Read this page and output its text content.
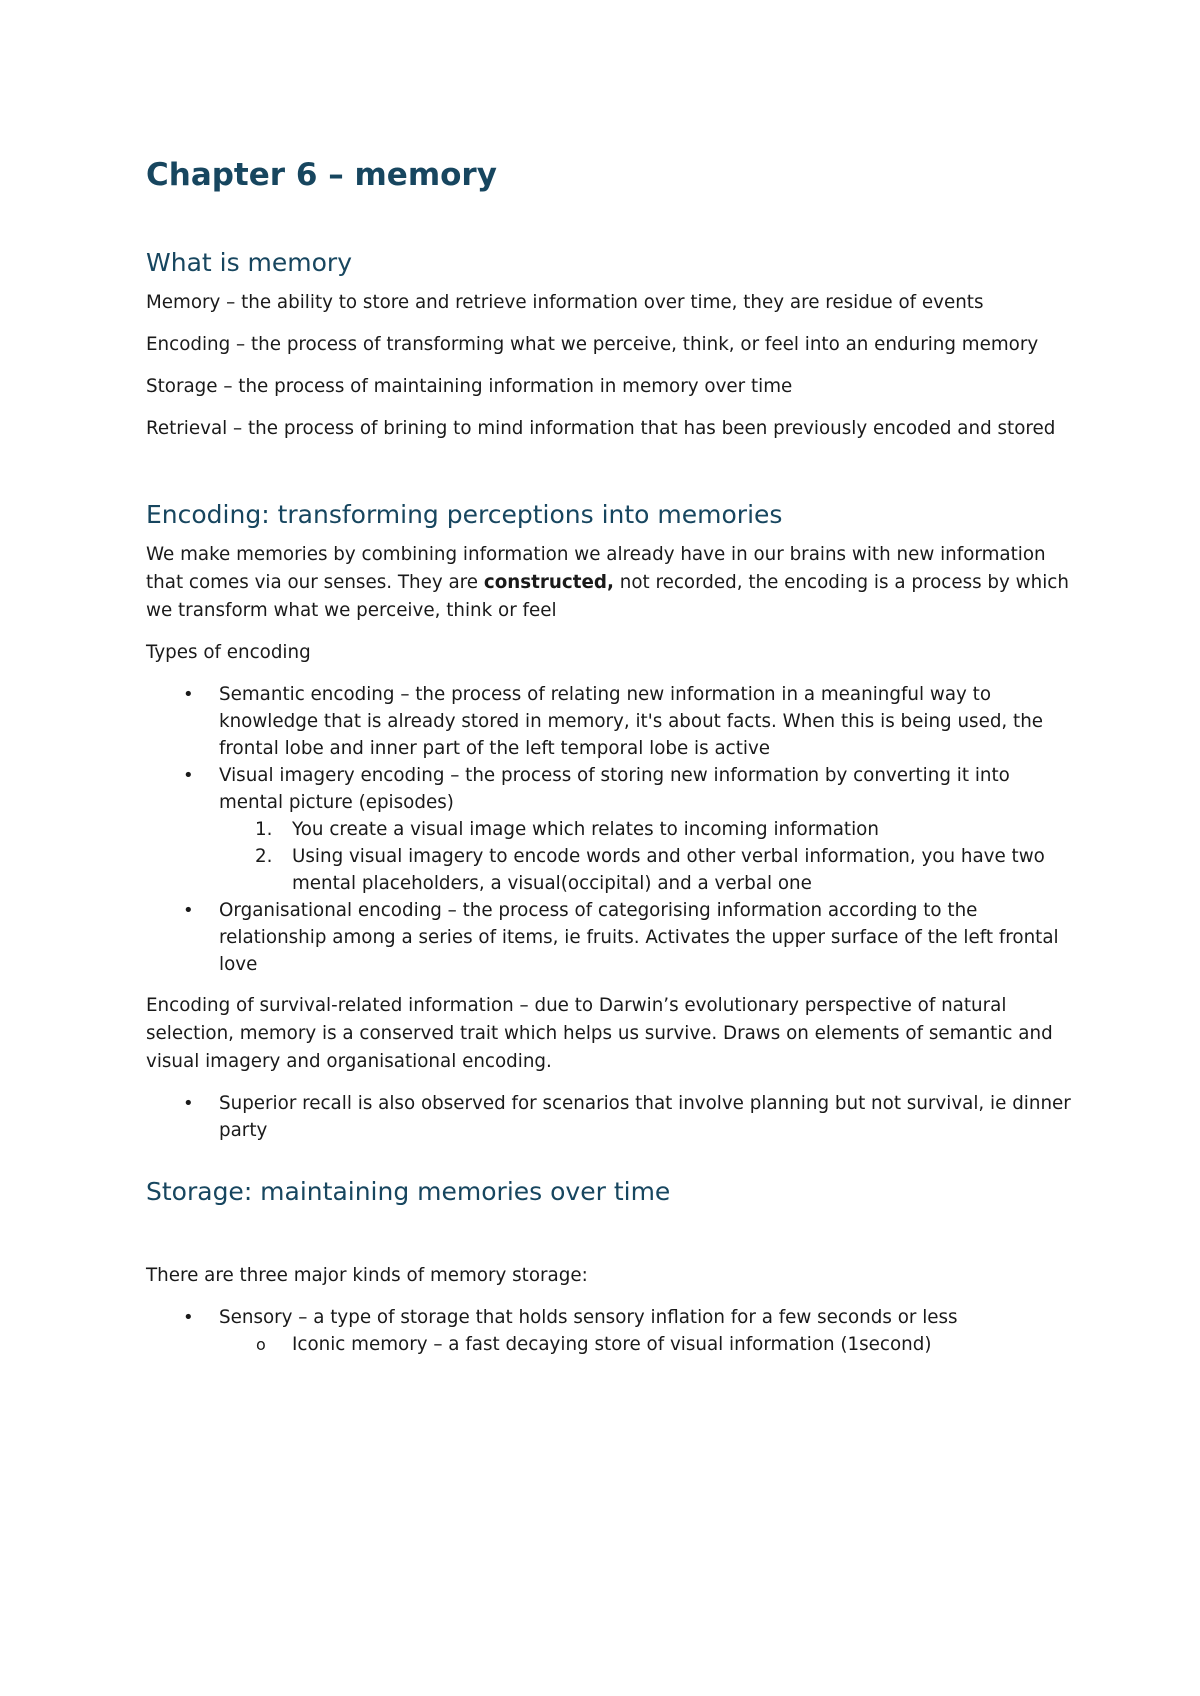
Chapter 6 – memory
What is memory

Memory – the ability to store and retrieve information over time, they are residue of events

Encoding – the process of transforming what we perceive, think, or feel into an enduring memory

Storage – the process of maintaining information in memory over time

Retrieval – the process of brining to mind information that has been previously encoded and stored

Encoding: transforming perceptions into memories

We make memories by combining information we already have in our brains with new information that comes via our senses. They are constructed, not recorded, the encoding is a process by which we transform what we perceive, think or feel

Types of encoding

•	Semantic encoding – the process of relating new information in a meaningful way to knowledge that is already stored in memory, it's about facts. When this is being used, the frontal lobe and inner part of the left temporal lobe is active
•	Visual imagery encoding – the process of storing new information by converting it into mental picture (episodes)
1. You create a visual image which relates to incoming information
2. Using visual imagery to encode words and other verbal information, you have two mental placeholders, a visual(occipital) and a verbal one
•	Organisational encoding – the process of categorising information according to the relationship among a series of items, ie fruits. Activates the upper surface of the left frontal love

Encoding of survival-related information – due to Darwin’s evolutionary perspective of natural selection, memory is a conserved trait which helps us survive. Draws on elements of semantic and visual imagery and organisational encoding.

•	Superior recall is also observed for scenarios that involve planning but not survival, ie dinner party
Storage: maintaining memories over time

There are three major kinds of memory storage:

•	Sensory – a type of storage that holds sensory inflation for a few seconds or less
o Iconic memory – a fast decaying store of visual information (1second)
